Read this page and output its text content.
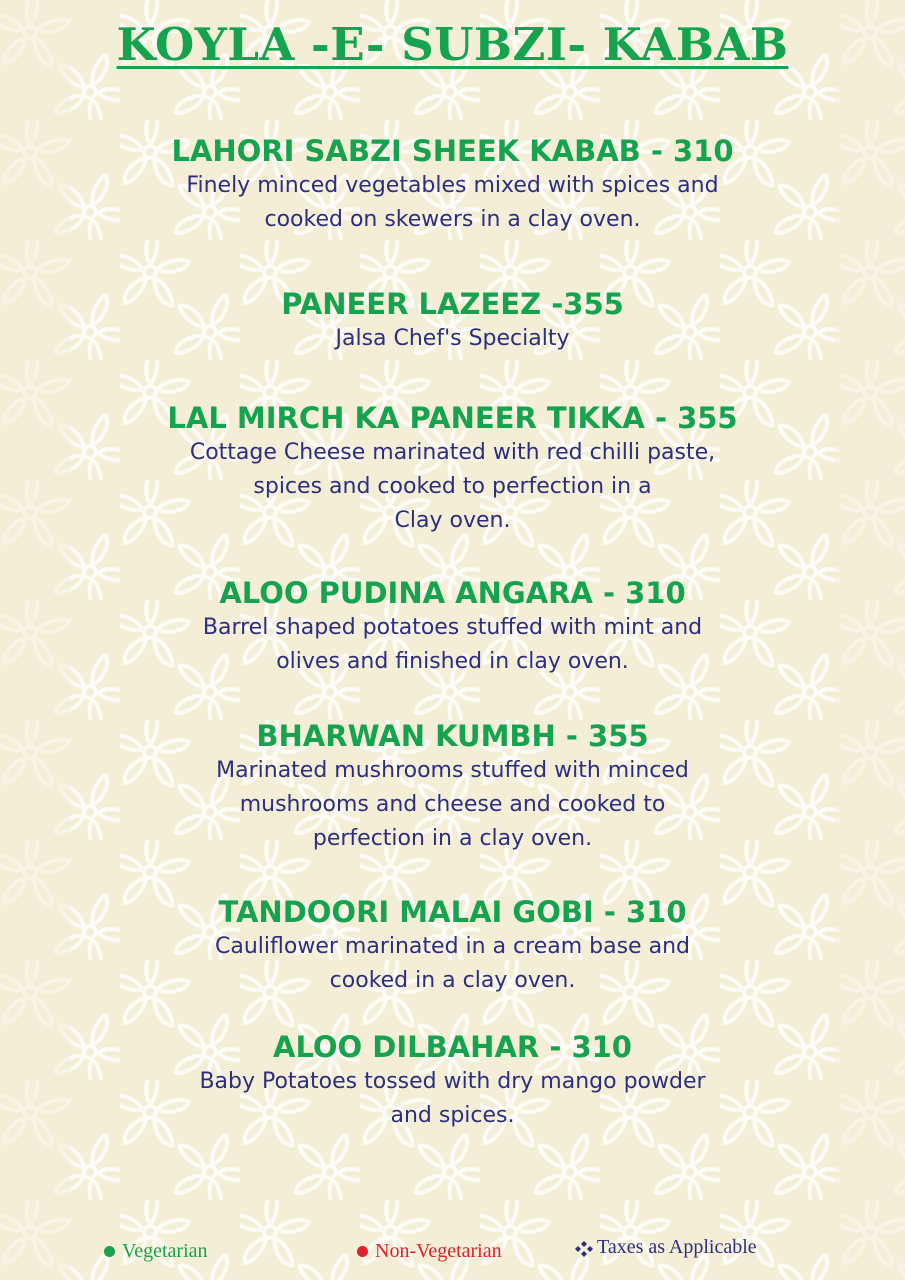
KOYLA -E- SUBZI- KABAB
LAHORI SABZI SHEEK KABAB - 310
Finely minced vegetables mixed with spices and
cooked on skewers in a clay oven.
PANEER LAZEEZ -355
Jalsa Chef's Specialty
LAL MIRCH KA PANEER TIKKA - 355
Cottage Cheese marinated with red chilli paste,
spices and cooked to perfection in a
Clay oven.
ALOO PUDINA ANGARA - 310
Barrel shaped potatoes stuffed with mint and
olives and finished in clay oven.
BHARWAN KUMBH - 355
Marinated mushrooms stuffed with minced
mushrooms and cheese and cooked to
perfection in a clay oven.
TANDOORI MALAI GOBI - 310
Cauliflower marinated in a cream base and
cooked in a clay oven.
ALOO DILBAHAR - 310
Baby Potatoes tossed with dry mango powder
and spices.
Vegetarian	Non-Vegetarian	Taxes as Applicable
